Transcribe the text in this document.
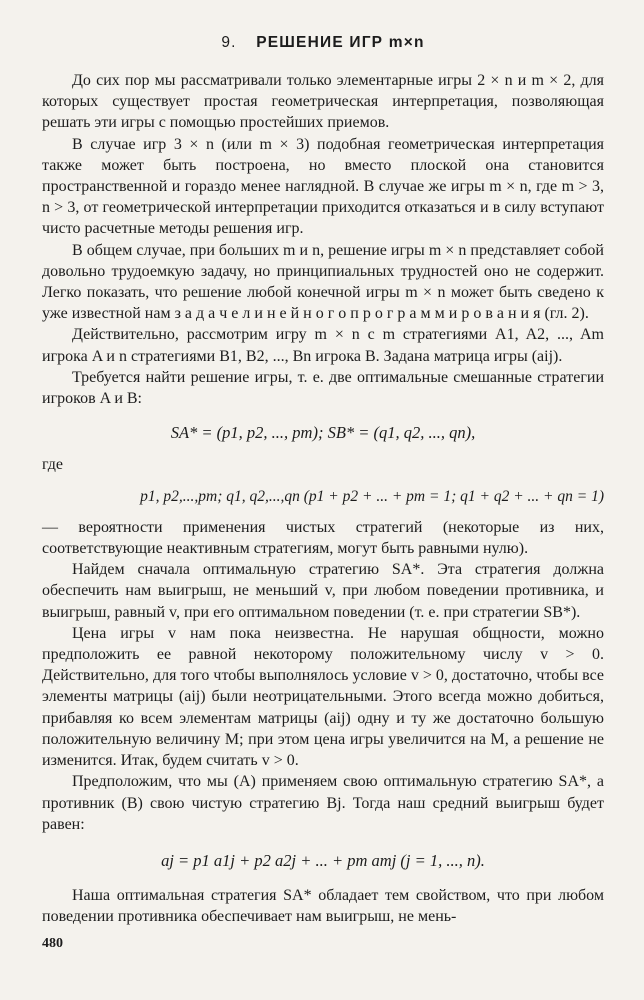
9. РЕШЕНИЕ ИГР m×n

До сих пор мы рассматривали только элементарные игры 2 × n и m × 2, для которых существует простая геометрическая интерпретация, позволяющая решать эти игры с помощью простейших приемов.

В случае игр 3 × n (или m × 3) подобная геометрическая интерпретация также может быть построена, но вместо плоской она становится пространственной и гораздо менее наглядной. В случае же игры m × n, где m > 3, n > 3, от геометрической интерпретации приходится отказаться и в силу вступают чисто расчетные методы решения игр.

В общем случае, при больших m и n, решение игры m × n представляет собой довольно трудоемкую задачу, но принципиальных трудностей оно не содержит. Легко показать, что решение любой конечной игры m × n может быть сведено к уже известной нам з а д а ч е л и н е й н о г о п р о г р а м м и р о в а н и я (гл. 2).

Действительно, рассмотрим игру m × n с m стратегиями A1, A2, ..., Am игрока A и n стратегиями B1, B2, ..., Bn игрока B. Задана матрица игры (aij).

Требуется найти решение игры, т. е. две оптимальные смешанные стратегии игроков A и B:

SA* = (p1, p2, ..., pm); SB* = (q1, q2, ..., qn),

где

p1, p2,...,pm; q1, q2,...,qn (p1 + p2 + ... + pm = 1; q1 + q2 + ... + qn = 1)

— вероятности применения чистых стратегий (некоторые из них, соответствующие неактивным стратегиям, могут быть равными нулю).

Найдем сначала оптимальную стратегию SA*. Эта стратегия должна обеспечить нам выигрыш, не меньший v, при любом поведении противника, и выигрыш, равный v, при его оптимальном поведении (т. е. при стратегии SB*).

Цена игры v нам пока неизвестна. Не нарушая общности, можно предположить ее равной некоторому положительному числу v > 0. Действительно, для того чтобы выполнялось условие v > 0, достаточно, чтобы все элементы матрицы (aij) были неотрицательными. Этого всегда можно добиться, прибавляя ко всем элементам матрицы (aij) одну и ту же достаточно большую положительную величину M; при этом цена игры увеличится на M, а решение не изменится. Итак, будем считать v > 0.

Предположим, что мы (A) применяем свою оптимальную стратегию SA*, а противник (B) свою чистую стратегию Bj. Тогда наш средний выигрыш будет равен:

aj = p1 a1j + p2 a2j + ... + pm amj (j = 1, ..., n).

Наша оптимальная стратегия SA* обладает тем свойством, что при любом поведении противника обеспечивает нам выигрыш, не мень-

480
